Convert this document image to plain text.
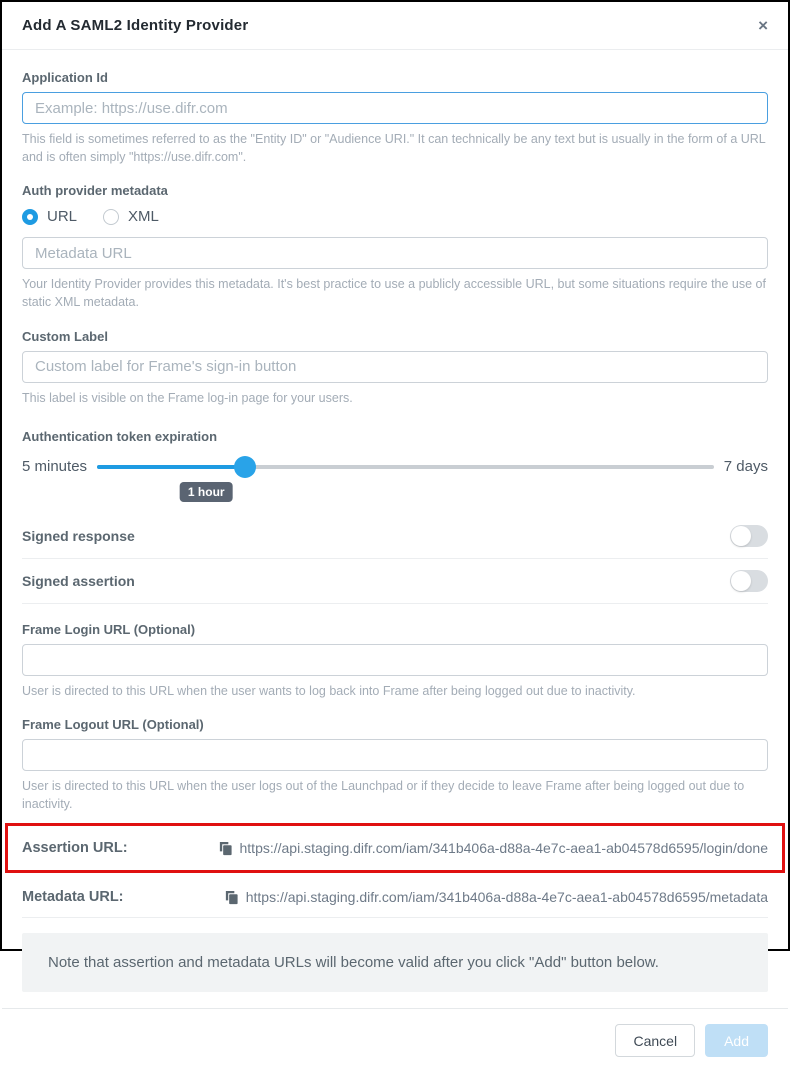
Add A SAML2 Identity Provider	×
Application Id
Example: https://use.difr.com
This field is sometimes referred to as the "Entity ID" or "Audience URI." It can technically be any text but is usually in the form of a URL and is often simply "https://use.difr.com".
Auth provider metadata
URL	XML
Metadata URL
Your Identity Provider provides this metadata. It's best practice to use a publicly accessible URL, but some situations require the use of static XML metadata.
Custom Label
Custom label for Frame's sign-in button
This label is visible on the Frame log-in page for your users.
Authentication token expiration
5 minutes	7 days
1 hour
Signed response
Signed assertion
Frame Login URL (Optional)
User is directed to this URL when the user wants to log back into Frame after being logged out due to inactivity.
Frame Logout URL (Optional)
User is directed to this URL when the user logs out of the Launchpad or if they decide to leave Frame after being logged out due to inactivity.
Assertion URL:	https://api.staging.difr.com/iam/341b406a-d88a-4e7c-aea1-ab04578d6595/login/done
Metadata URL:	https://api.staging.difr.com/iam/341b406a-d88a-4e7c-aea1-ab04578d6595/metadata
Note that assertion and metadata URLs will become valid after you click "Add" button below.
Cancel	Add
